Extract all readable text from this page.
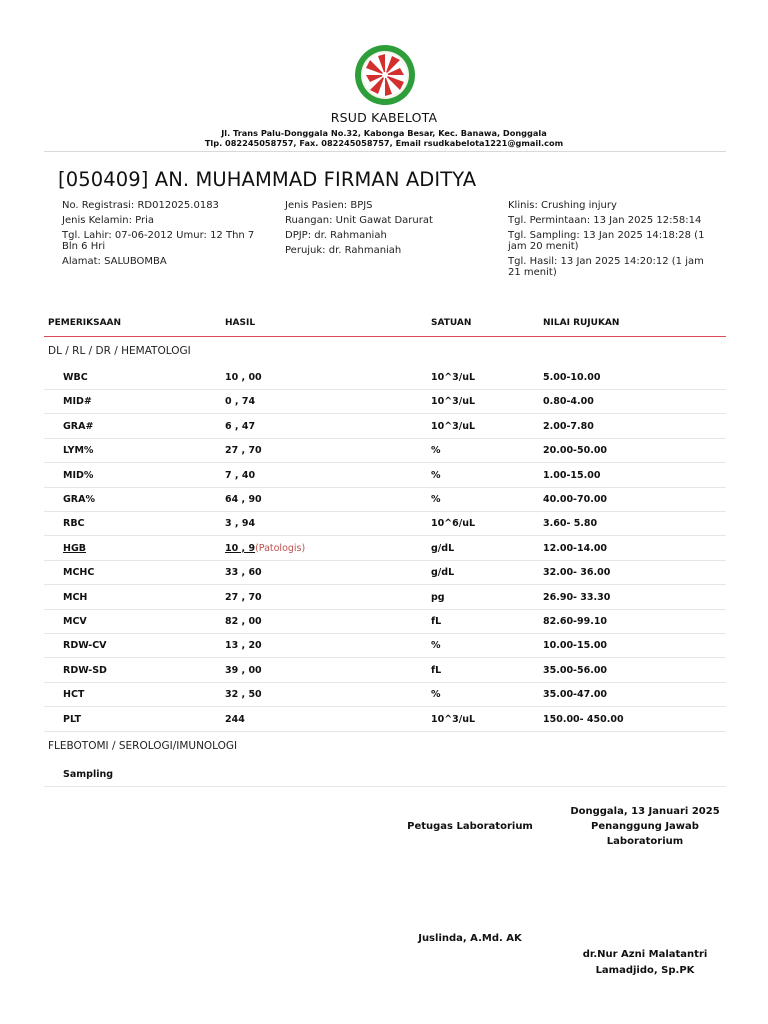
RSUD KABELOTA
Jl. Trans Palu-Donggala No.32, Kabonga Besar, Kec. Banawa, Donggala
Tlp. 082245058757, Fax. 082245058757, Email rsudkabelota1221@gmail.com
[050409] AN. MUHAMMAD FIRMAN ADITYA
No. Registrasi: RD012025.0183
Jenis Kelamin: Pria
Tgl. Lahir: 07-06-2012 Umur: 12 Thn 7 Bln 6 Hri
Alamat: SALUBOMBA
Jenis Pasien: BPJS
Ruangan: Unit Gawat Darurat
DPJP: dr. Rahmaniah
Perujuk: dr. Rahmaniah
Klinis: Crushing injury
Tgl. Permintaan: 13 Jan 2025 12:58:14
Tgl. Sampling: 13 Jan 2025 14:18:28 (1 jam 20 menit)
Tgl. Hasil: 13 Jan 2025 14:20:12 (1 jam 21 menit)
PEMERIKSAAN	HASIL	SATUAN	NILAI RUJUKAN
DL / RL / DR / HEMATOLOGI
WBC	10 , 00	10^3/uL	5.00-10.00
MID#	0 , 74	10^3/uL	0.80-4.00
GRA#	6 , 47	10^3/uL	2.00-7.80
LYM%	27 , 70	%	20.00-50.00
MID%	7 , 40	%	1.00-15.00
GRA%	64 , 90	%	40.00-70.00
RBC	3 , 94	10^6/uL	3.60- 5.80
HGB	10 , 9(Patologis)	g/dL	12.00-14.00
MCHC	33 , 60	g/dL	32.00- 36.00
MCH	27 , 70	pg	26.90- 33.30
MCV	82 , 00	fL	82.60-99.10
RDW-CV	13 , 20	%	10.00-15.00
RDW-SD	39 , 00	fL	35.00-56.00
HCT	32 , 50	%	35.00-47.00
PLT	244	10^3/uL	150.00- 450.00
FLEBOTOMI / SEROLOGI/IMUNOLOGI
Sampling
Donggala, 13 Januari 2025
Petugas Laboratorium	Penanggung Jawab
Laboratorium
Juslinda, A.Md. AK
dr.Nur Azni Malatantri
Lamadjido, Sp.PK
